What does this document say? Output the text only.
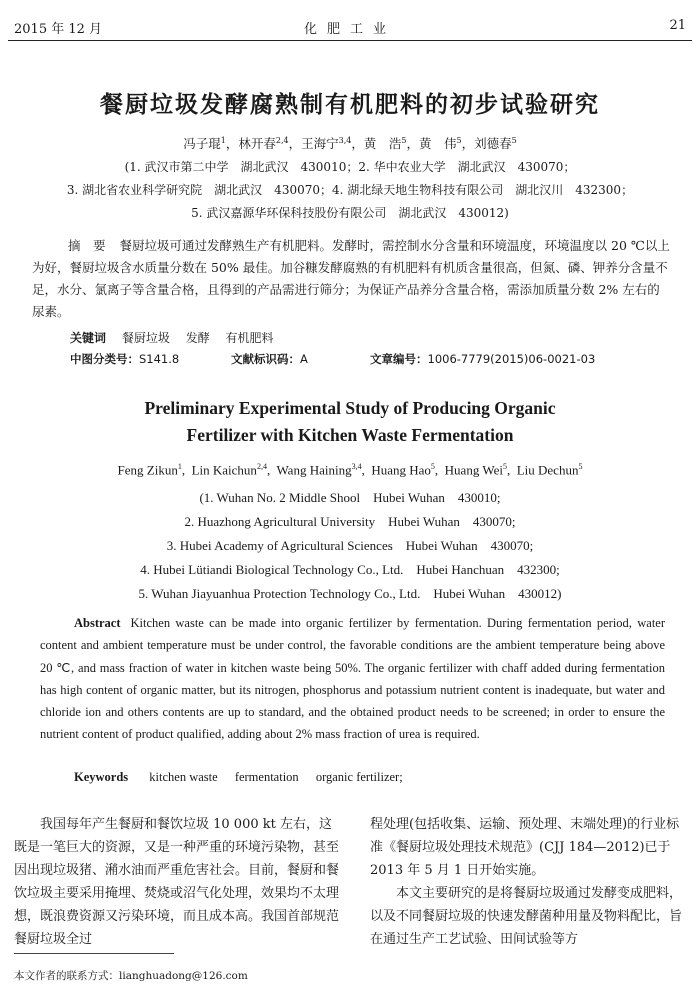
2015 年 12 月	化肥工业	21
餐厨垃圾发酵腐熟制有机肥料的初步试验研究
冯子琨$^1$，林开春$^{2,4}$，王海宁$^{3,4}$，黄　浩$^5$，黄　伟$^5$，刘德春$^5$
(1. 武汉市第二中学　湖北武汉　430010；2. 华中农业大学　湖北武汉　430070；
3. 湖北省农业科学研究院　湖北武汉　430070；4. 湖北绿天地生物科技有限公司　湖北汉川　432300；
5. 武汉嘉源华环保科技股份有限公司　湖北武汉　430012)
摘　要 餐厨垃圾可通过发酵熟生产有机肥料。发酵时，需控制水分含量和环境温度，环境温度以 20 ℃以上为好，餐厨垃圾含水质量分数在 50% 最佳。加谷糠发酵腐熟的有机肥料有机质含量很高，但氮、磷、钾养分含量不足，水分、氯离子等含量合格，且得到的产品需进行筛分；为保证产品养分含量合格，需添加质量分数 2% 左右的尿素。
关键词 餐厨垃圾 发酵 有机肥料
中图分类号：S141.8	文献标识码：A	文章编号：1006-7779(2015)06-0021-03
Preliminary Experimental Study of Producing Organic
Fertilizer with Kitchen Waste Fermentation
Feng Zikun$^1$,  Lin Kaichun$^{2,4}$,  Wang Haining$^{3,4}$,  Huang Hao$^5$,  Huang Wei$^5$,  Liu Dechun$^5$
(1. Wuhan No. 2 Middle Shool　Hubei Wuhan　430010;
2. Huazhong Agricultural University　Hubei Wuhan　430070;
3. Hubei Academy of Agricultural Sciences　Hubei Wuhan　430070;
4. Hubei Lütiandi Biological Technology Co., Ltd.　Hubei Hanchuan　432300;
5. Wuhan Jiayuanhua Protection Technology Co., Ltd.　Hubei Wuhan　430012)
Abstract Kitchen waste can be made into organic fertilizer by fermentation. During fermentation period, water content and ambient temperature must be under control, the favorable conditions are the ambient temperature being above 20 ℃, and mass fraction of water in kitchen waste being 50%. The organic fertilizer with chaff added during fermentation has high content of organic matter, but its nitrogen, phosphorus and potassium nutrient content is inadequate, but water and chloride ion and others contents are up to standard, and the obtained product needs to be screened; in order to ensure the nutrient content of product qualified, adding about 2% mass fraction of urea is required.
Keywords kitchen waste fermentation organic fertilizer;
我国每年产生餐厨和餐饮垃圾 10 000 kt 左右，这既是一笔巨大的资源，又是一种严重的环境污染物，甚至因出现垃圾猪、潲水油而严重危害社会。目前，餐厨和餐饮垃圾主要采用掩埋、焚烧或沼气化处理，效果均不太理想，既浪费资源又污染环境，而且成本高。我国首部规范餐厨垃圾全过
程处理(包括收集、运输、预处理、末端处理)的行业标准《餐厨垃圾处理技术规范》(CJJ 184—2012)已于 2013 年 5 月 1 日开始实施。
本文主要研究的是将餐厨垃圾通过发酵变成肥料，以及不同餐厨垃圾的快速发酵菌种用量及物料配比，旨在通过生产工艺试验、田间试验等方
本文作者的联系方式：lianghuadong@126.com
